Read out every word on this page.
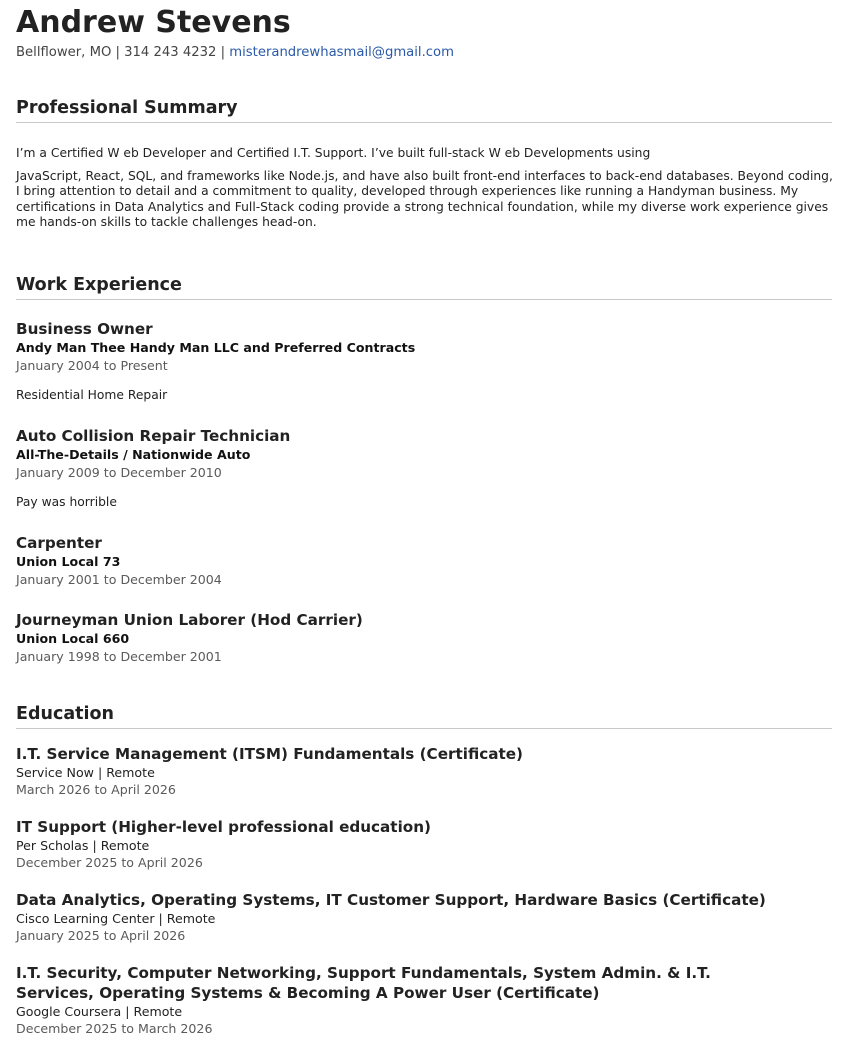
Andrew Stevens
Bellflower, MO | 314 243 4232 | misterandrewhasmail@gmail.com
Professional Summary

I’m a Certified W eb Developer and Certified I.T. Support. I’ve built full-stack W eb Developments using

JavaScript, React, SQL, and frameworks like Node.js, and have also built front-end interfaces to back-end databases. Beyond coding, I bring attention to detail and a commitment to quality, developed through experiences like running a Handyman business. My certifications in Data Analytics and Full-Stack coding provide a strong technical foundation, while my diverse work experience gives me hands-on skills to tackle challenges head-on.

Work Experience
Business Owner
Andy Man Thee Handy Man LLC and Preferred Contracts
January 2004 to Present
Residential Home Repair
Auto Collision Repair Technician
All-The-Details / Nationwide Auto
January 2009 to December 2010
Pay was horrible
Carpenter
Union Local 73
January 2001 to December 2004
Journeyman Union Laborer (Hod Carrier)
Union Local 660
January 1998 to December 2001
Education
I.T. Service Management (ITSM) Fundamentals (Certificate)
Service Now | Remote
March 2026 to April 2026
IT Support (Higher-level professional education)
Per Scholas | Remote
December 2025 to April 2026
Data Analytics, Operating Systems, IT Customer Support, Hardware Basics (Certificate)
Cisco Learning Center | Remote
January 2025 to April 2026
I.T. Security, Computer Networking, Support Fundamentals, System Admin. & I.T.
Services, Operating Systems & Becoming A Power User (Certificate)
Google Coursera | Remote
December 2025 to March 2026
